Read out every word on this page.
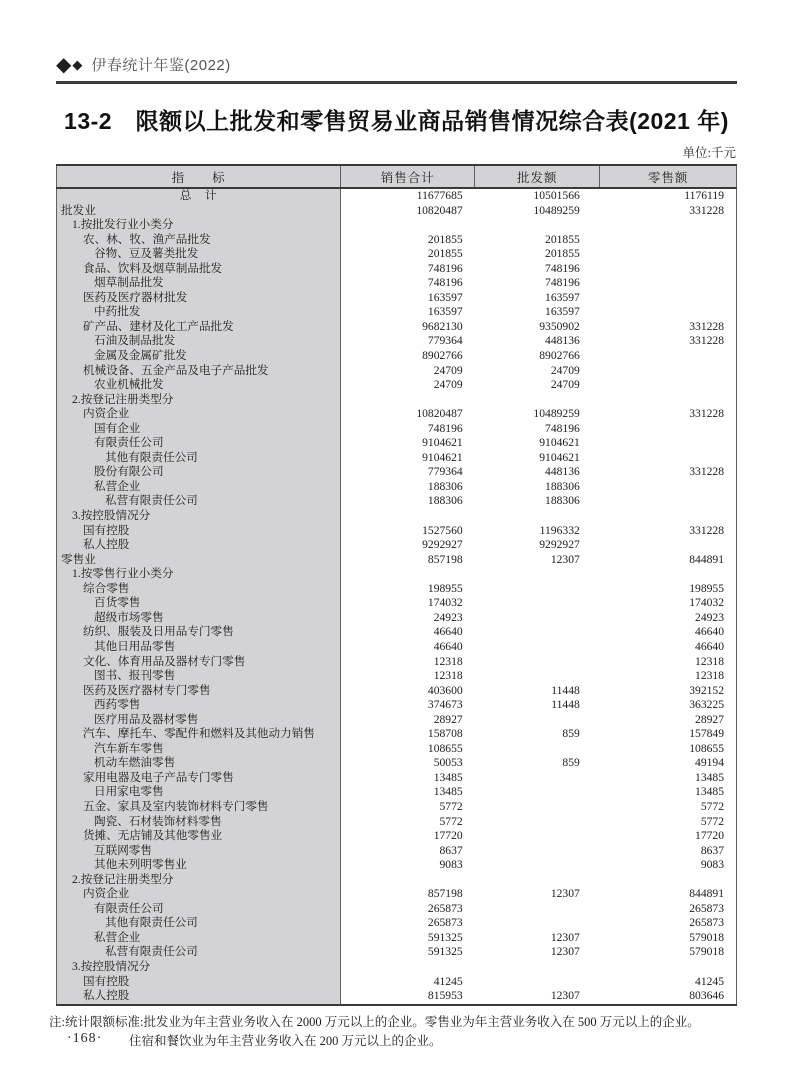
◆ ◆ 伊春统计年鉴(2022)
13-2　限额以上批发和零售贸易业商品销售情况综合表(2021 年)
单位:千元
指　　标	销售合计	批发额	零售额
总　计	11677685	10501566	1176119
批发业	10820487	10489259	331228
1.按批发行业小类分			
农、林、牧、渔产品批发	201855	201855	
谷物、豆及薯类批发	201855	201855	
食品、饮料及烟草制品批发	748196	748196	
烟草制品批发	748196	748196	
医药及医疗器材批发	163597	163597	
中药批发	163597	163597	
矿产品、建材及化工产品批发	9682130	9350902	331228
石油及制品批发	779364	448136	331228
金属及金属矿批发	8902766	8902766	
机械设备、五金产品及电子产品批发	24709	24709	
农业机械批发	24709	24709	
2.按登记注册类型分			
内资企业	10820487	10489259	331228
国有企业	748196	748196	
有限责任公司	9104621	9104621	
其他有限责任公司	9104621	9104621	
股份有限公司	779364	448136	331228
私营企业	188306	188306	
私营有限责任公司	188306	188306	
3.按控股情况分			
国有控股	1527560	1196332	331228
私人控股	9292927	9292927	
零售业	857198	12307	844891
1.按零售行业小类分			
综合零售	198955		198955
百货零售	174032		174032
超级市场零售	24923		24923
纺织、服装及日用品专门零售	46640		46640
其他日用品零售	46640		46640
文化、体育用品及器材专门零售	12318		12318
图书、报刊零售	12318		12318
医药及医疗器材专门零售	403600	11448	392152
西药零售	374673	11448	363225
医疗用品及器材零售	28927		28927
汽车、摩托车、零配件和燃料及其他动力销售	158708	859	157849
汽车新车零售	108655		108655
机动车燃油零售	50053	859	49194
家用电器及电子产品专门零售	13485		13485
日用家电零售	13485		13485
五金、家具及室内装饰材料专门零售	5772		5772
陶瓷、石材装饰材料零售	5772		5772
货摊、无店铺及其他零售业	17720		17720
互联网零售	8637		8637
其他未列明零售业	9083		9083
2.按登记注册类型分			
内资企业	857198	12307	844891
有限责任公司	265873		265873
其他有限责任公司	265873		265873
私营企业	591325	12307	579018
私营有限责任公司	591325	12307	579018
3.按控股情况分			
国有控股	41245		41245
私人控股	815953	12307	803646
注:统计限额标准:批发业为年主营业务收入在 2000 万元以上的企业。零售业为年主营业务收入在 500 万元以上的企业。
住宿和餐饮业为年主营业务收入在 200 万元以上的企业。
·168·
